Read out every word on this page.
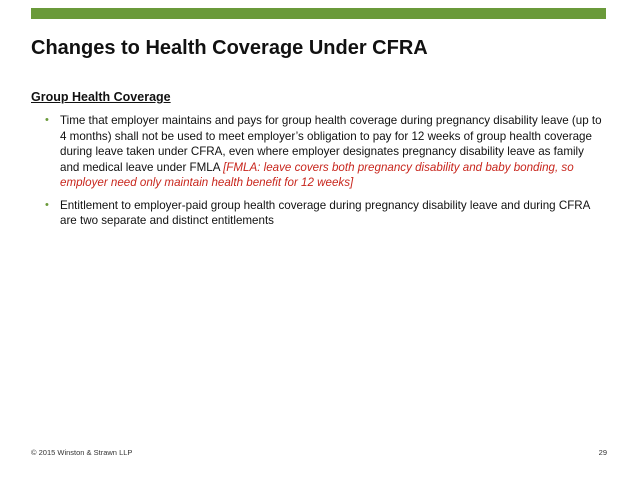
Changes to Health Coverage Under CFRA
Group Health Coverage
• Time that employer maintains and pays for group health coverage during pregnancy disability leave (up to 4 months) shall not be used to meet employer’s obligation to pay for 12 weeks of group health coverage during leave taken under CFRA, even where employer designates pregnancy disability leave as family and medical leave under FMLA [FMLA: leave covers both pregnancy disability and baby bonding, so employer need only maintain health benefit for 12 weeks]
• Entitlement to employer-paid group health coverage during pregnancy disability leave and during CFRA are two separate and distinct entitlements
© 2015 Winston & Strawn LLP	29
